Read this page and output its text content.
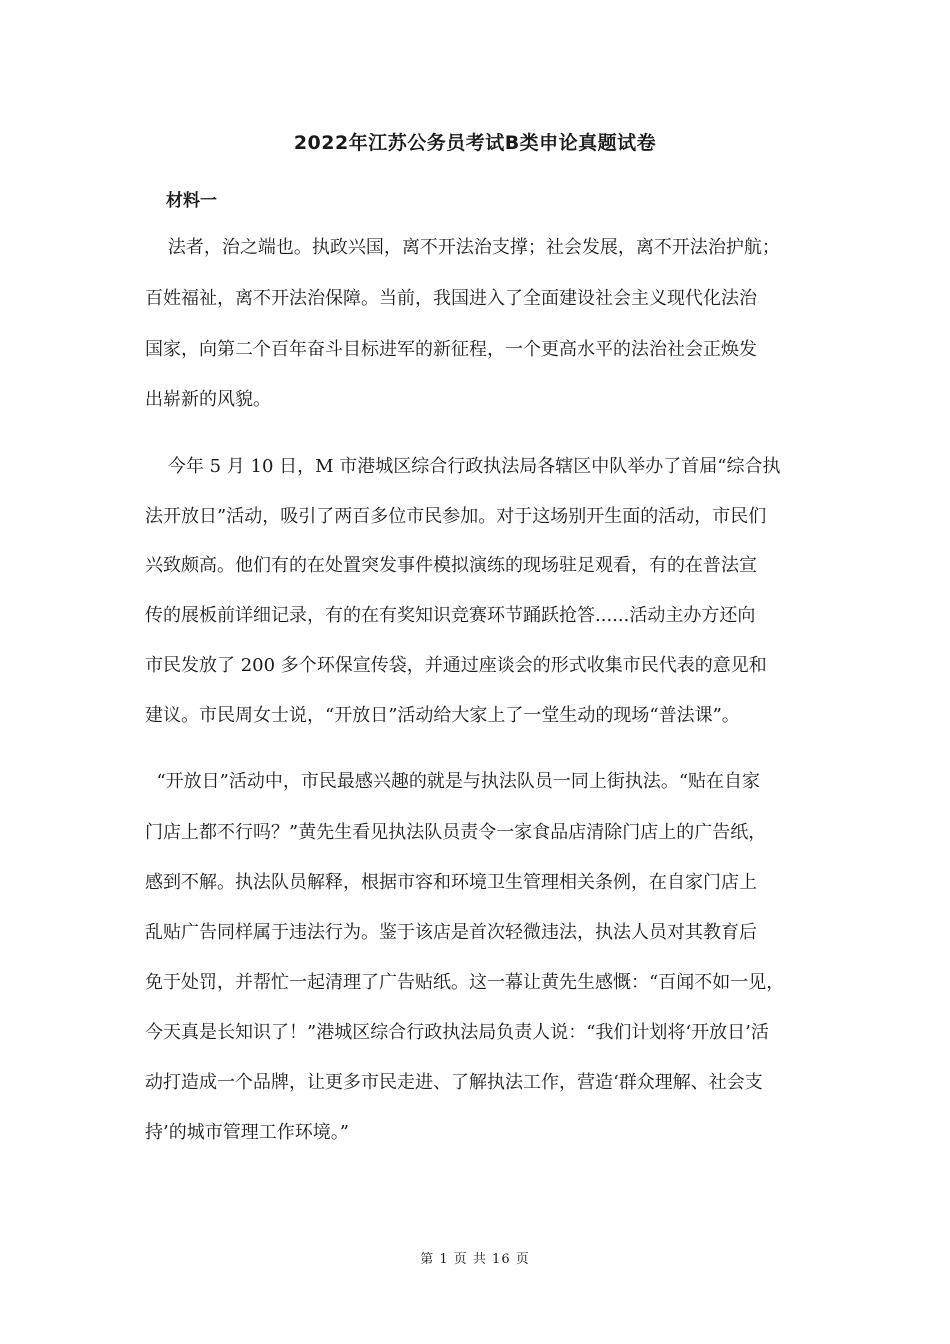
2022年江苏公务员考试B类申论真题试卷
材料一
法者，治之端也。执政兴国，离不开法治支撑；社会发展，离不开法治护航；
百姓福祉，离不开法治保障。当前，我国进入了全面建设社会主义现代化法治
国家，向第二个百年奋斗目标进军的新征程，一个更高水平的法治社会正焕发
出崭新的风貌。
今年 5 月 10 日，M 市港城区综合行政执法局各辖区中队举办了首届“综合执
法开放日”活动，吸引了两百多位市民参加。对于这场别开生面的活动，市民们
兴致颇高。他们有的在处置突发事件模拟演练的现场驻足观看，有的在普法宣
传的展板前详细记录，有的在有奖知识竞赛环节踊跃抢答......活动主办方还向
市民发放了 200 多个环保宣传袋，并通过座谈会的形式收集市民代表的意见和
建议。市民周女士说，“开放日”活动给大家上了一堂生动的现场“普法课”。
“开放日”活动中，市民最感兴趣的就是与执法队员一同上街执法。“贴在自家
门店上都不行吗？”黄先生看见执法队员责令一家食品店清除门店上的广告纸，
感到不解。执法队员解释，根据市容和环境卫生管理相关条例，在自家门店上
乱贴广告同样属于违法行为。鉴于该店是首次轻微违法，执法人员对其教育后
免于处罚，并帮忙一起清理了广告贴纸。这一幕让黄先生感慨：“百闻不如一见，
今天真是长知识了！”港城区综合行政执法局负责人说：“我们计划将‘开放日’活
动打造成一个品牌，让更多市民走进、了解执法工作，营造‘群众理解、社会支
持’的城市管理工作环境。”
第 1 页 共 16 页
